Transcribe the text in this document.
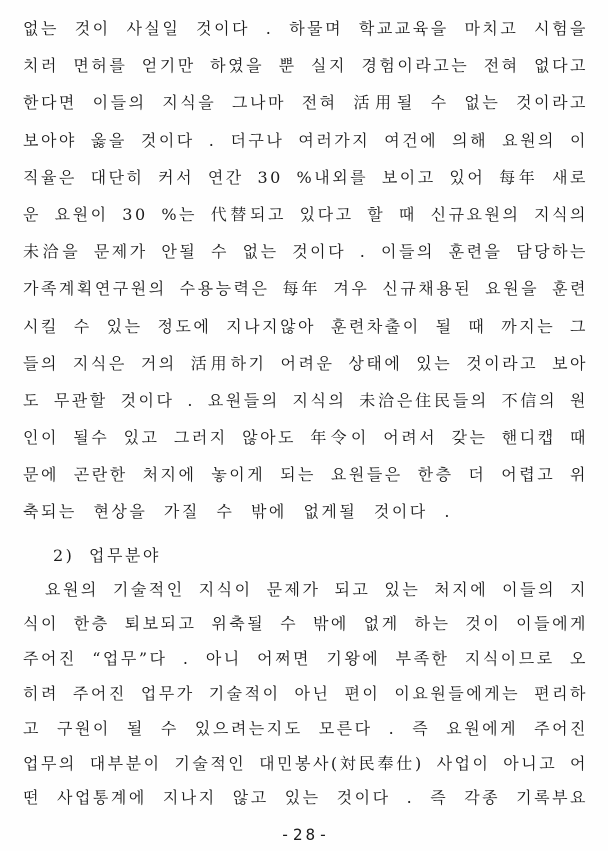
없는 것이 사실일 것이다 . 하물며 학교교육을 마치고 시험을
치러 면허를 얻기만 하였을 뿐 실지 경험이라고는 전혀 없다고
한다면 이들의 지식을 그나마 전혀 活用될 수 없는 것이라고
보아야 옳을 것이다 . 더구나 여러가지 여건에 의해 요원의 이
직율은 대단히 커서 연간 30 %내외를 보이고 있어 每年 새로
운 요원이 30 %는 代替되고 있다고 할 때 신규요원의 지식의
未洽을 문제가 안될 수 없는 것이다 . 이들의 훈련을 담당하는
가족계획연구원의 수용능력은 每年 겨우 신규채용된 요원을 훈련
시킬 수 있는 정도에 지나지않아 훈련차출이 될 때 까지는 그
들의 지식은 거의 活用하기 어려운 상태에 있는 것이라고 보아
도 무관할 것이다 . 요원들의 지식의 未洽은住民들의 不信의 원
인이 될수 있고 그러지 않아도 年令이 어려서 갖는 핸디캡 때
문에 곤란한 처지에 놓이게 되는 요원들은 한층 더 어렵고 위
축되는 현상을 가질 수 밖에 없게될 것이다 .
2) 업무분야
요원의 기술적인 지식이 문제가 되고 있는 처지에 이들의 지
식이 한층 퇴보되고 위축될 수 밖에 없게 하는 것이 이들에게
주어진 “업무”다 . 아니 어쩌면 기왕에 부족한 지식이므로 오
히려 주어진 업무가 기술적이 아닌 편이 이요원들에게는 편리하
고 구원이 될 수 있으려는지도 모른다 . 즉 요원에게 주어진
업무의 대부분이 기술적인 대민봉사(対民奉仕) 사업이 아니고 어
떤 사업통계에 지나지 않고 있는 것이다 . 즉 각종 기록부요
-28-
